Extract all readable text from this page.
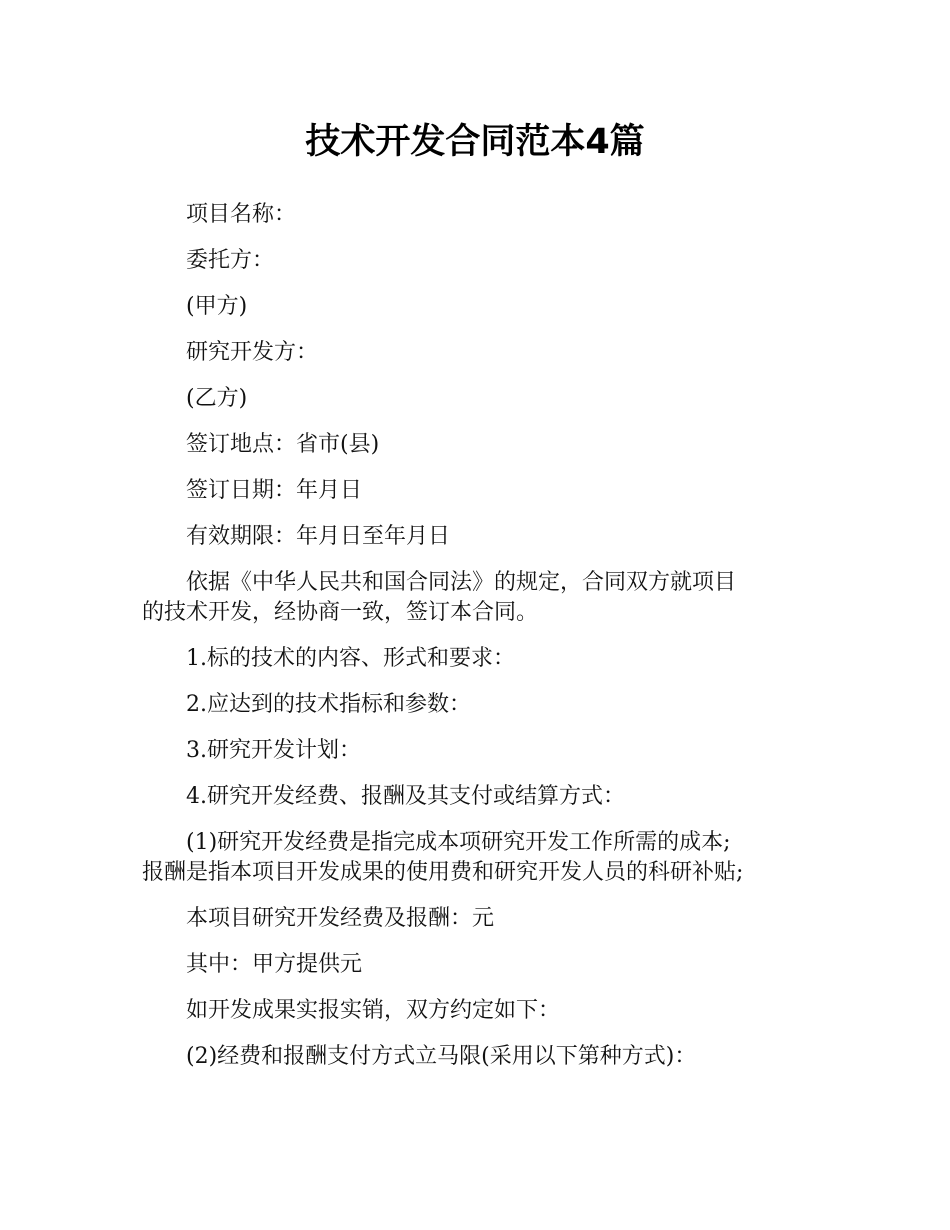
技术开发合同范本4篇

项目名称：

委托方：

(甲方)

研究开发方：

(乙方)

签订地点：省市(县)

签订日期：年月日

有效期限：年月日至年月日

依据《中华人民共和国合同法》的规定，合同双方就项目
的技术开发，经协商一致，签订本合同。

1.标的技术的内容、形式和要求：

2.应达到的技术指标和参数：

3.研究开发计划：

4.研究开发经费、报酬及其支付或结算方式：

(1)研究开发经费是指完成本项研究开发工作所需的成本;
报酬是指本项目开发成果的使用费和研究开发人员的科研补贴;

本项目研究开发经费及报酬：元

其中：甲方提供元

如开发成果实报实销，双方约定如下：

(2)经费和报酬支付方式立马限(采用以下第种方式)：
